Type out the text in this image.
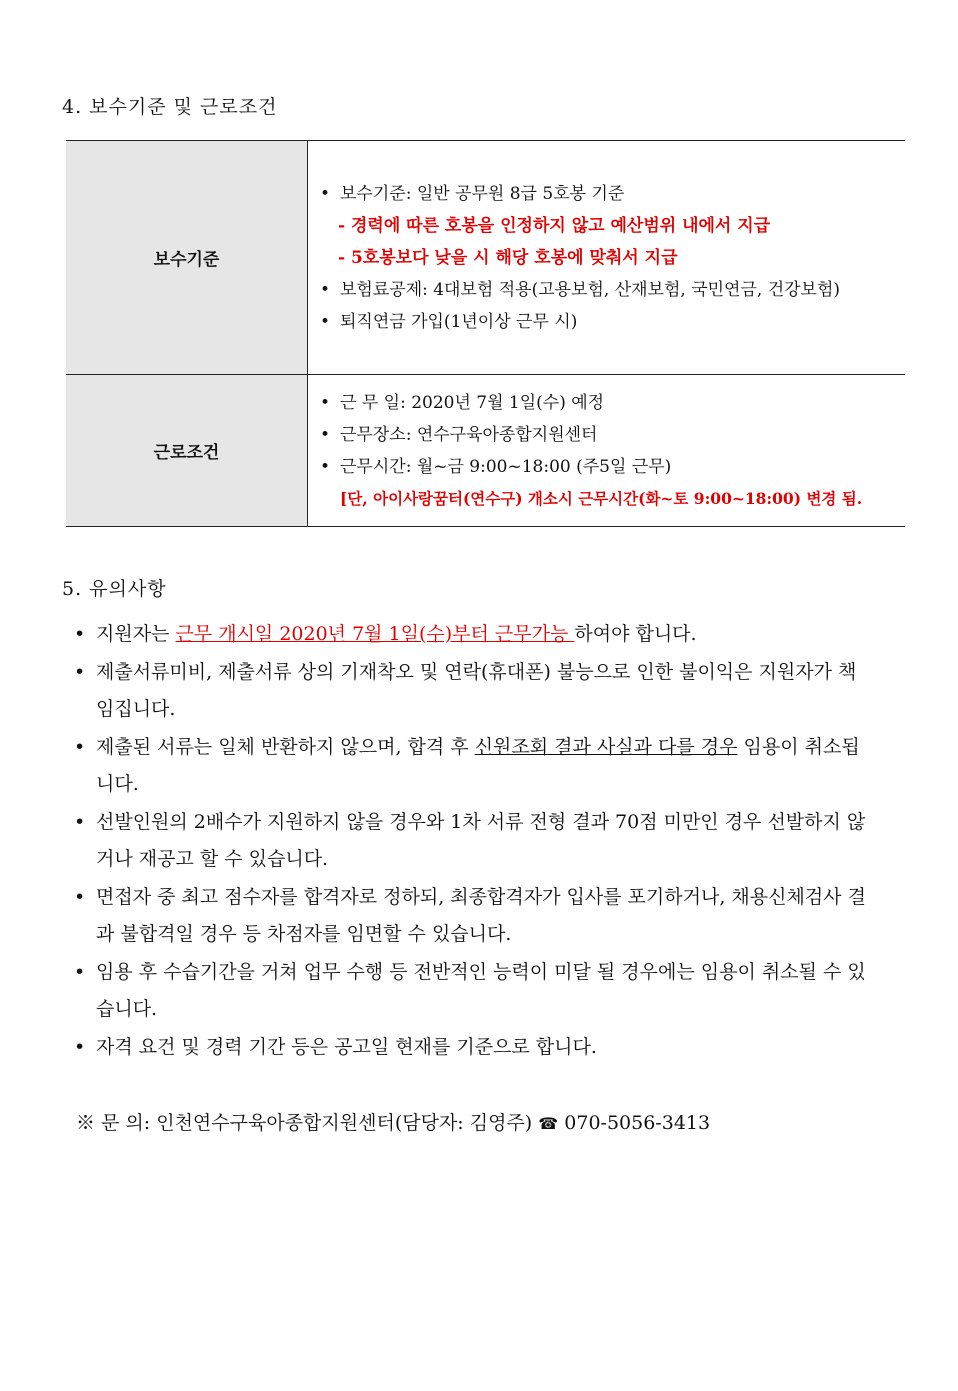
4. 보수기준 및 근로조건
보수기준	• 보수기준: 일반 공무원 8급 5호봉 기준
- 경력에 따른 호봉을 인정하지 않고 예산범위 내에서 지급
- 5호봉보다 낮을 시 해당 호봉에 맞춰서 지급
• 보험료공제: 4대보험 적용(고용보험, 산재보험, 국민연금, 건강보험)
• 퇴직연금 가입(1년이상 근무 시)

근로조건	• 근 무 일: 2020년 7월 1일(수) 예정
• 근무장소: 연수구육아종합지원센터
• 근무시간: 월~금 9:00~18:00 (주5일 근무)
[단, 아이사랑꿈터(연수구) 개소시 근무시간(화~토 9:00~18:00) 변경 됨.
5. 유의사항
• 지원자는 근무 개시일 2020년 7월 1일(수)부터 근무가능 하여야 합니다.
• 제출서류미비, 제출서류 상의 기재착오 및 연락(휴대폰) 불능으로 인한 불이익은 지원자가 책임집니다.
• 제출된 서류는 일체 반환하지 않으며, 합격 후 신원조회 결과 사실과 다를 경우 임용이 취소됩니다.
• 선발인원의 2배수가 지원하지 않을 경우와 1차 서류 전형 결과 70점 미만인 경우 선발하지 않거나 재공고 할 수 있습니다.
• 면접자 중 최고 점수자를 합격자로 정하되, 최종합격자가 입사를 포기하거나, 채용신체검사 결과 불합격일 경우 등 차점자를 임면할 수 있습니다.
• 임용 후 수습기간을 거쳐 업무 수행 등 전반적인 능력이 미달 될 경우에는 임용이 취소될 수 있습니다.
• 자격 요건 및 경력 기간 등은 공고일 현재를 기준으로 합니다.
※ 문 의: 인천연수구육아종합지원센터(담당자: 김영주) ☎ 070-5056-3413
